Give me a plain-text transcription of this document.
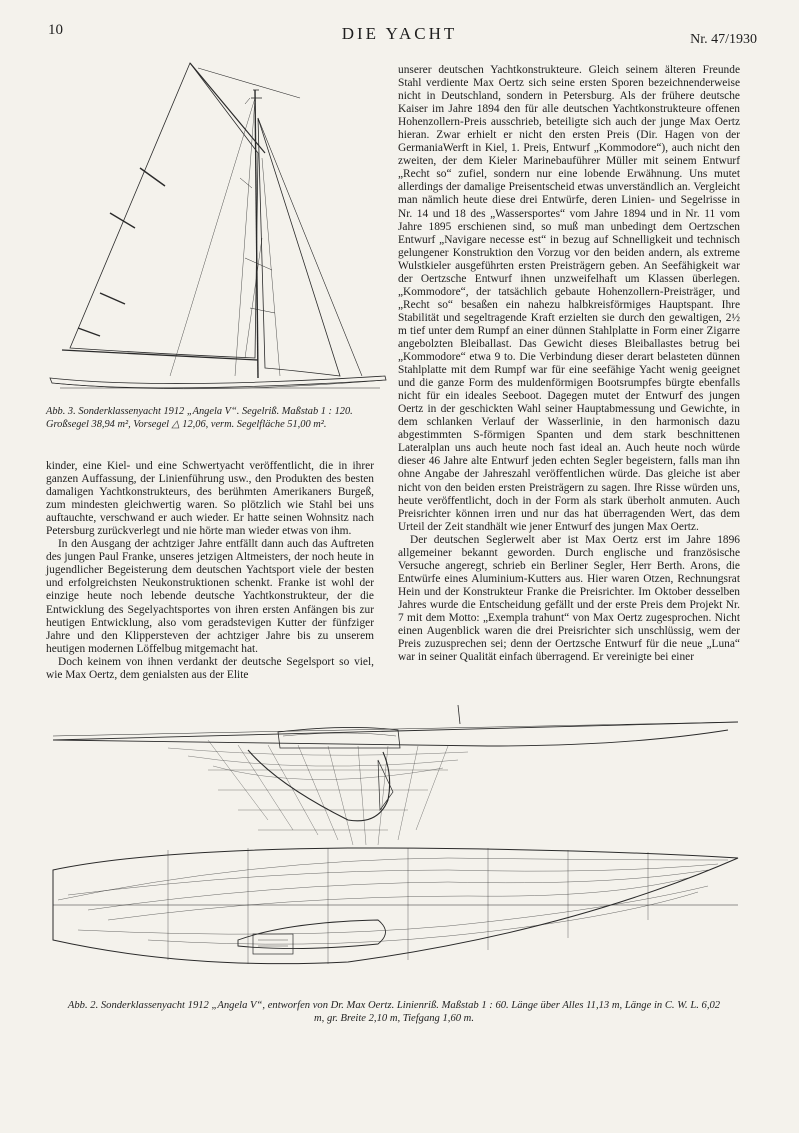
10	DIE YACHT	Nr. 47/1930
Abb. 3. Sonderklassenyacht 1912 „Angela V“. Segelriß. Maßstab 1 : 120. Großsegel 38,94 m², Vorsegel △ 12,06, verm. Segelfläche 51,00 m².

kinder, eine Kiel- und eine Schwertyacht veröffentlicht, die in ihrer ganzen Auffassung, der Linienführung usw., den Produkten des besten damaligen Yachtkonstrukteurs, des berühmten Amerikaners Burgeß, zum mindesten gleichwertig waren. So plötzlich wie Stahl bei uns auftauchte, verschwand er auch wieder. Er hatte seinen Wohnsitz nach Petersburg zurückverlegt und nie hörte man wieder etwas von ihm.

In den Ausgang der achtziger Jahre entfällt dann auch das Auftreten des jungen Paul Franke, unseres jetzigen Altmeisters, der noch heute in jugendlicher Begeisterung dem deutschen Yachtsport viele der besten und erfolgreichsten Neukonstruktionen schenkt. Franke ist wohl der einzige heute noch lebende deutsche Yachtkonstrukteur, der die Entwicklung des Segelyachtsportes von ihren ersten Anfängen bis zur heutigen Entwicklung, also vom geradstevigen Kutter der fünfziger Jahre und den Klippersteven der achtziger Jahre bis zu unserem heutigen modernen Löffelbug mitgemacht hat.

Doch keinem von ihnen verdankt der deutsche Segelsport so viel, wie Max Oertz, dem genialsten aus der Elite

unserer deutschen Yachtkonstrukteure. Gleich seinem älteren Freunde Stahl verdiente Max Oertz sich seine ersten Sporen bezeichnenderweise nicht in Deutschland, sondern in Petersburg. Als der frühere deutsche Kaiser im Jahre 1894 den für alle deutschen Yachtkonstrukteure offenen Hohenzollern-Preis ausschrieb, beteiligte sich auch der junge Max Oertz hieran. Zwar erhielt er nicht den ersten Preis (Dir. Hagen von der GermaniaWerft in Kiel, 1. Preis, Entwurf „Kommodore“), auch nicht den zweiten, der dem Kieler Marinebauführer Müller mit seinem Entwurf „Recht so“ zufiel, sondern nur eine lobende Erwähnung. Uns mutet allerdings der damalige Preisentscheid etwas unverständlich an. Vergleicht man nämlich heute diese drei Entwürfe, deren Linien- und Segelrisse in Nr. 14 und 18 des „Wassersportes“ vom Jahre 1894 und in Nr. 11 vom Jahre 1895 erschienen sind, so muß man unbedingt dem Oertzschen Entwurf „Navigare necesse est“ in bezug auf Schnelligkeit und technisch gelungener Konstruktion den Vorzug vor den beiden andern, als extreme Wulstkieler ausgeführten ersten Preisträgern geben. An Seefähigkeit war der Oertzsche Entwurf ihnen unzweifelhaft um Klassen überlegen. „Kommodore“, der tatsächlich gebaute Hohenzollern-Preisträger, und „Recht so“ besaßen ein nahezu halbkreisförmiges Hauptspant. Ihre Stabilität und segeltragende Kraft erzielten sie durch den gewaltigen, 2½ m tief unter dem Rumpf an einer dünnen Stahlplatte in Form einer Zigarre angebolzten Bleiballast. Das Gewicht dieses Bleiballastes betrug bei „Kommodore“ etwa 9 to. Die Verbindung dieser derart belasteten dünnen Stahlplatte mit dem Rumpf war für eine seefähige Yacht wenig geeignet und die ganze Form des muldenförmigen Bootsrumpfes bürgte ebenfalls nicht für ein ideales Seeboot. Dagegen mutet der Entwurf des jungen Oertz in der geschickten Wahl seiner Hauptabmessung und Gewichte, in dem schlanken Verlauf der Wasserlinie, in den harmonisch dazu abgestimmten S-förmigen Spanten und dem stark beschnittenen Lateralplan uns auch heute noch fast ideal an. Auch heute noch würde dieser 46 Jahre alte Entwurf jeden echten Segler begeistern, falls man ihn ohne Angabe der Jahreszahl veröffentlichen würde. Das gleiche ist aber nicht von den beiden ersten Preisträgern zu sagen. Ihre Risse würden uns, heute veröffentlicht, doch in der Form als stark überholt anmuten. Auch Preisrichter können irren und nur das hat überragenden Wert, das dem Urteil der Zeit standhält wie jener Entwurf des jungen Max Oertz.

Der deutschen Seglerwelt aber ist Max Oertz erst im Jahre 1896 allgemeiner bekannt geworden. Durch englische und französische Versuche angeregt, schrieb ein Berliner Segler, Herr Berth. Arons, die Entwürfe eines Aluminium-Kutters aus. Hier waren Otzen, Rechnungsrat Hein und der Konstrukteur Franke die Preisrichter. Im Oktober desselben Jahres wurde die Entscheidung gefällt und der erste Preis dem Projekt Nr. 7 mit dem Motto: „Exempla trahunt“ von Max Oertz zugesprochen. Nicht einen Augenblick waren die drei Preisrichter sich unschlüssig, wem der Preis zuzusprechen sei; denn der Oertzsche Entwurf für die neue „Luna“ war in seiner Qualität einfach überragend. Er vereinigte bei einer

Abb. 2. Sonderklassenyacht 1912 „Angela V“, entworfen von Dr. Max Oertz. Linienriß. Maßstab 1 : 60. Länge über Alles 11,13 m, Länge in C. W. L. 6,02 m, gr. Breite 2,10 m, Tiefgang 1,60 m.
